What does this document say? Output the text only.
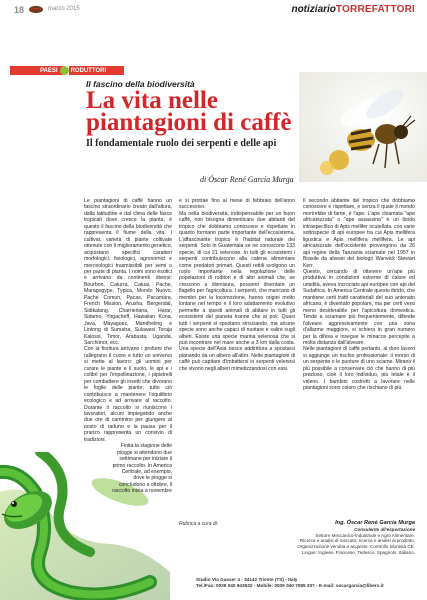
18	marzo 2015	notiziarioTORREFATTORI
PAESI	RODUTTORI
Il fascino della biodiversità
La vita nelle piantagioni di caffè
Il fondamentale ruolo dei serpenti e delle api
di Óscar René García Murga

Le piantagioni di caffè hanno un fascino straordinario creato dall'altura, dalla latitudine e dal clima delle fasce tropicali dove cresce la pianta; è questo il fascino della biodiversità che rappresenta il fiume della vita. I cultivar, varietà di piante coltivate ottenute con il miglioramento genetico, acquistano specifici caratteri morfologici, fisiologici, agronomici e merceologici trasmissibili per semi o per parte di pianta. I nomi sono esotici e arrivano da continenti diversi: Bourbon, Caturra, Catuai, Pache, Maragogype, Typica, Mondo Nuovo, Pache Comun, Pacas, Pacamara, French Mission, Arusha, Bergendal, Sidikalang, Charrieriana, Harar, Sidamo, Yirgacheff, Hawaiian Kona, Java, Mayaguez, Mandheling e Lintong di Sumatra, Sulawesi Toraja Kalossi, Timor, Arabusta, Uganda, Sarchimor, ecc.

Con la fioritura arrivano i profumi che rallegrano il cuore e tutto un universo si mette al lavoro: gli uomini per curare le piante e il suolo, le api e i colibrì per l'impollinazione, i pipistrelli per combattere gli insetti che divorano le foglie delle piante; tutto ciò contribuisce a mantenere l'equilibrio ecologico e ad arrivare al raccolto. Durante il raccolto si riuniscono i lavoratori, alcuni impiegando anche due ore di cammino per giungere al posto di raduno e la pausa per il pranzo rappresenta un convivio di tradizioni.

Finita la stagione delle piogge si attendono due settimane per iniziare il primo raccolto. In America Centrale, ad esempio, dove le piogge si concludono a ottobre, il raccolto inizia a novembre

e si protrae fino al mese di febbraio dell'anno successivo.

Ma nella biodiversità, indispensabile per un buon caffè, non bisogna dimenticare due abitanti del tropico che dobbiamo conoscere e rispettare in quanto formano parte importante dell'ecosistema. L'affascinante tropico è l'habitat naturale dei serpenti. Solo in Guatemala se ne conoscono 133 specie, di cui 21 velenose. In tutti gli ecosistemi i serpenti contribuiscono alla catena alimentare come predatori primari. Questi rettili svolgono un ruolo importante nella regolazione delle popolazioni di roditori e di altri animali che, se crescono a dismisura, possono diventare un flagello per l'agricoltura. I serpenti, che mancano di membri per la locomozione, hanno origini molto lontane nel tempo e il loro adattamento evolutivo permette a questi animali di abitare in tutti gli ecosistemi del pianeta tranne che ai poli. Quasi tutti i serpenti si spostano strisciando, ma alcune specie sono anche capaci di nuotare e salire sugli alberi. Esiste una specie marina velenosa che si può incontrare nel mare anche a 3 km dalla costa. Una specie dell'Asia riesce addirittura a spostarsi planando da un albero all'altro. Nelle piantagioni di caffè può capitare d'imbattersi in serpenti velenosi che vivono negli alberi mimetizzandosi con essi.

Il secondo abitante del tropico che dobbiamo conoscere e rispettare, e senza il quale il mondo morirebbe di fame, è l'ape. L'ape chiamata "ape africanizzata" o "ape assassina" è un ibrido intraspecifico di Apis mellifer scutellata, con varie sottospecie di api europee tra cui Apis mellifera ligustica e Apis mellifera mellifera. Le api africanizzate dell'occidente provengono da 26 api regine della Tanzania sciamate nel 1957 in Brasile da alveari del biologo Warwick Stewart Kerr.

Questo, cercando di ottenere un'ape più produttiva in condizioni estreme di calore ed umidità, aveva incrociato api europee con api del Sudafrica. In America Centrale questo ibrido, che mantiene certi tratti caratteriali del suo antenato africano, è diventato popolare, ma per certi versi meno desiderabile per l'apicoltura domestica. Tende a sciamare più frequentemente, difende l'alveare aggressivamente con una zona d'allarme maggiore, si schiera in gran numero per la difesa e insegue le minacce percepite a molta distanza dall'alveare.

Nelle piantagioni di caffè pertanto, al duro lavoro si aggiunge un rischio professionale: il morso di un serpente o le punture di uno sciame. Mirano il più possibile a conservare ciò che hanno di più prezioso, cioè il loro individuo, più letale è il veleno. I bambini costretti a lavorare nelle piantagioni sono coloro che rischiano di più.

Rubrica a cura di:	Ing. Óscar René García Murga
Consulente all'esportazione
Settore Meccanico-Industriale e Agro Alimentare.
Ricerca e analisi di mercato, ricerca e analisi di prodotto,
Organizzazione vendita e acquisto. Controllo Idoneità CE.
Lingue: Inglese, Francese, Tedesco, Spagnolo, Italiano.
Studio Via Gasser 4 - 34142 Trieste (TS) - Italy
Tel./Fax: 0039 040 943632 - Mobile: 0039 340 7085 337 - E-mail: oscargarcia@libero.it
